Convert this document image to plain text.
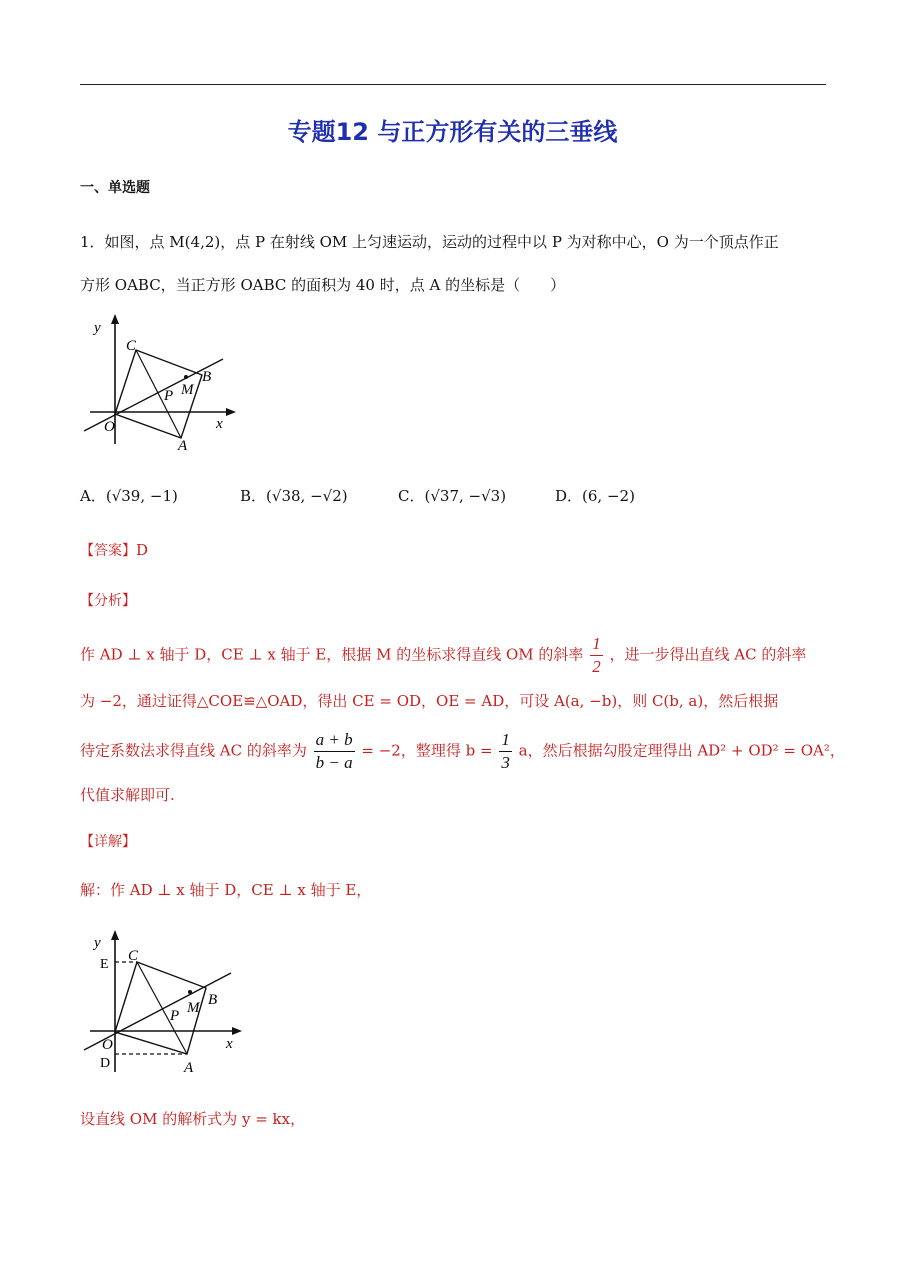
专题12 与正方形有关的三垂线
一、单选题
1．如图，点 M(4,2)，点 P 在射线 OM 上匀速运动，运动的过程中以 P 为对称中心，O 为一个顶点作正
方形 OABC，当正方形 OABC 的面积为 40 时，点 A 的坐标是（　　）
y
x
C
B
M
P
O
A
A．(√39, −1)	B．(√38, −√2)	C．(√37, −√3)	D．(6, −2)
【答案】D
【分析】
作 AD ⊥ x 轴于 D，CE ⊥ x 轴于 E，根据 M 的坐标求得直线 OM 的斜率 $\frac{1}{2}$ ，进一步得出直线 AC 的斜率
为 −2，通过证得△COE≌△OAD，得出 CE = OD，OE = AD，可设 A(a, −b)，则 C(b, a)，然后根据
待定系数法求得直线 AC 的斜率为 $\frac{a + b}{b - a} = -2$，整理得 $b = \frac{1}{3}$ a，然后根据勾股定理得出 AD² + OD² = OA²，
代值求解即可.
【详解】
解：作 AD ⊥ x 轴于 D，CE ⊥ x 轴于 E，
y
x
E
C
B
M
P
O
D	A
设直线 OM 的解析式为 y = kx，
